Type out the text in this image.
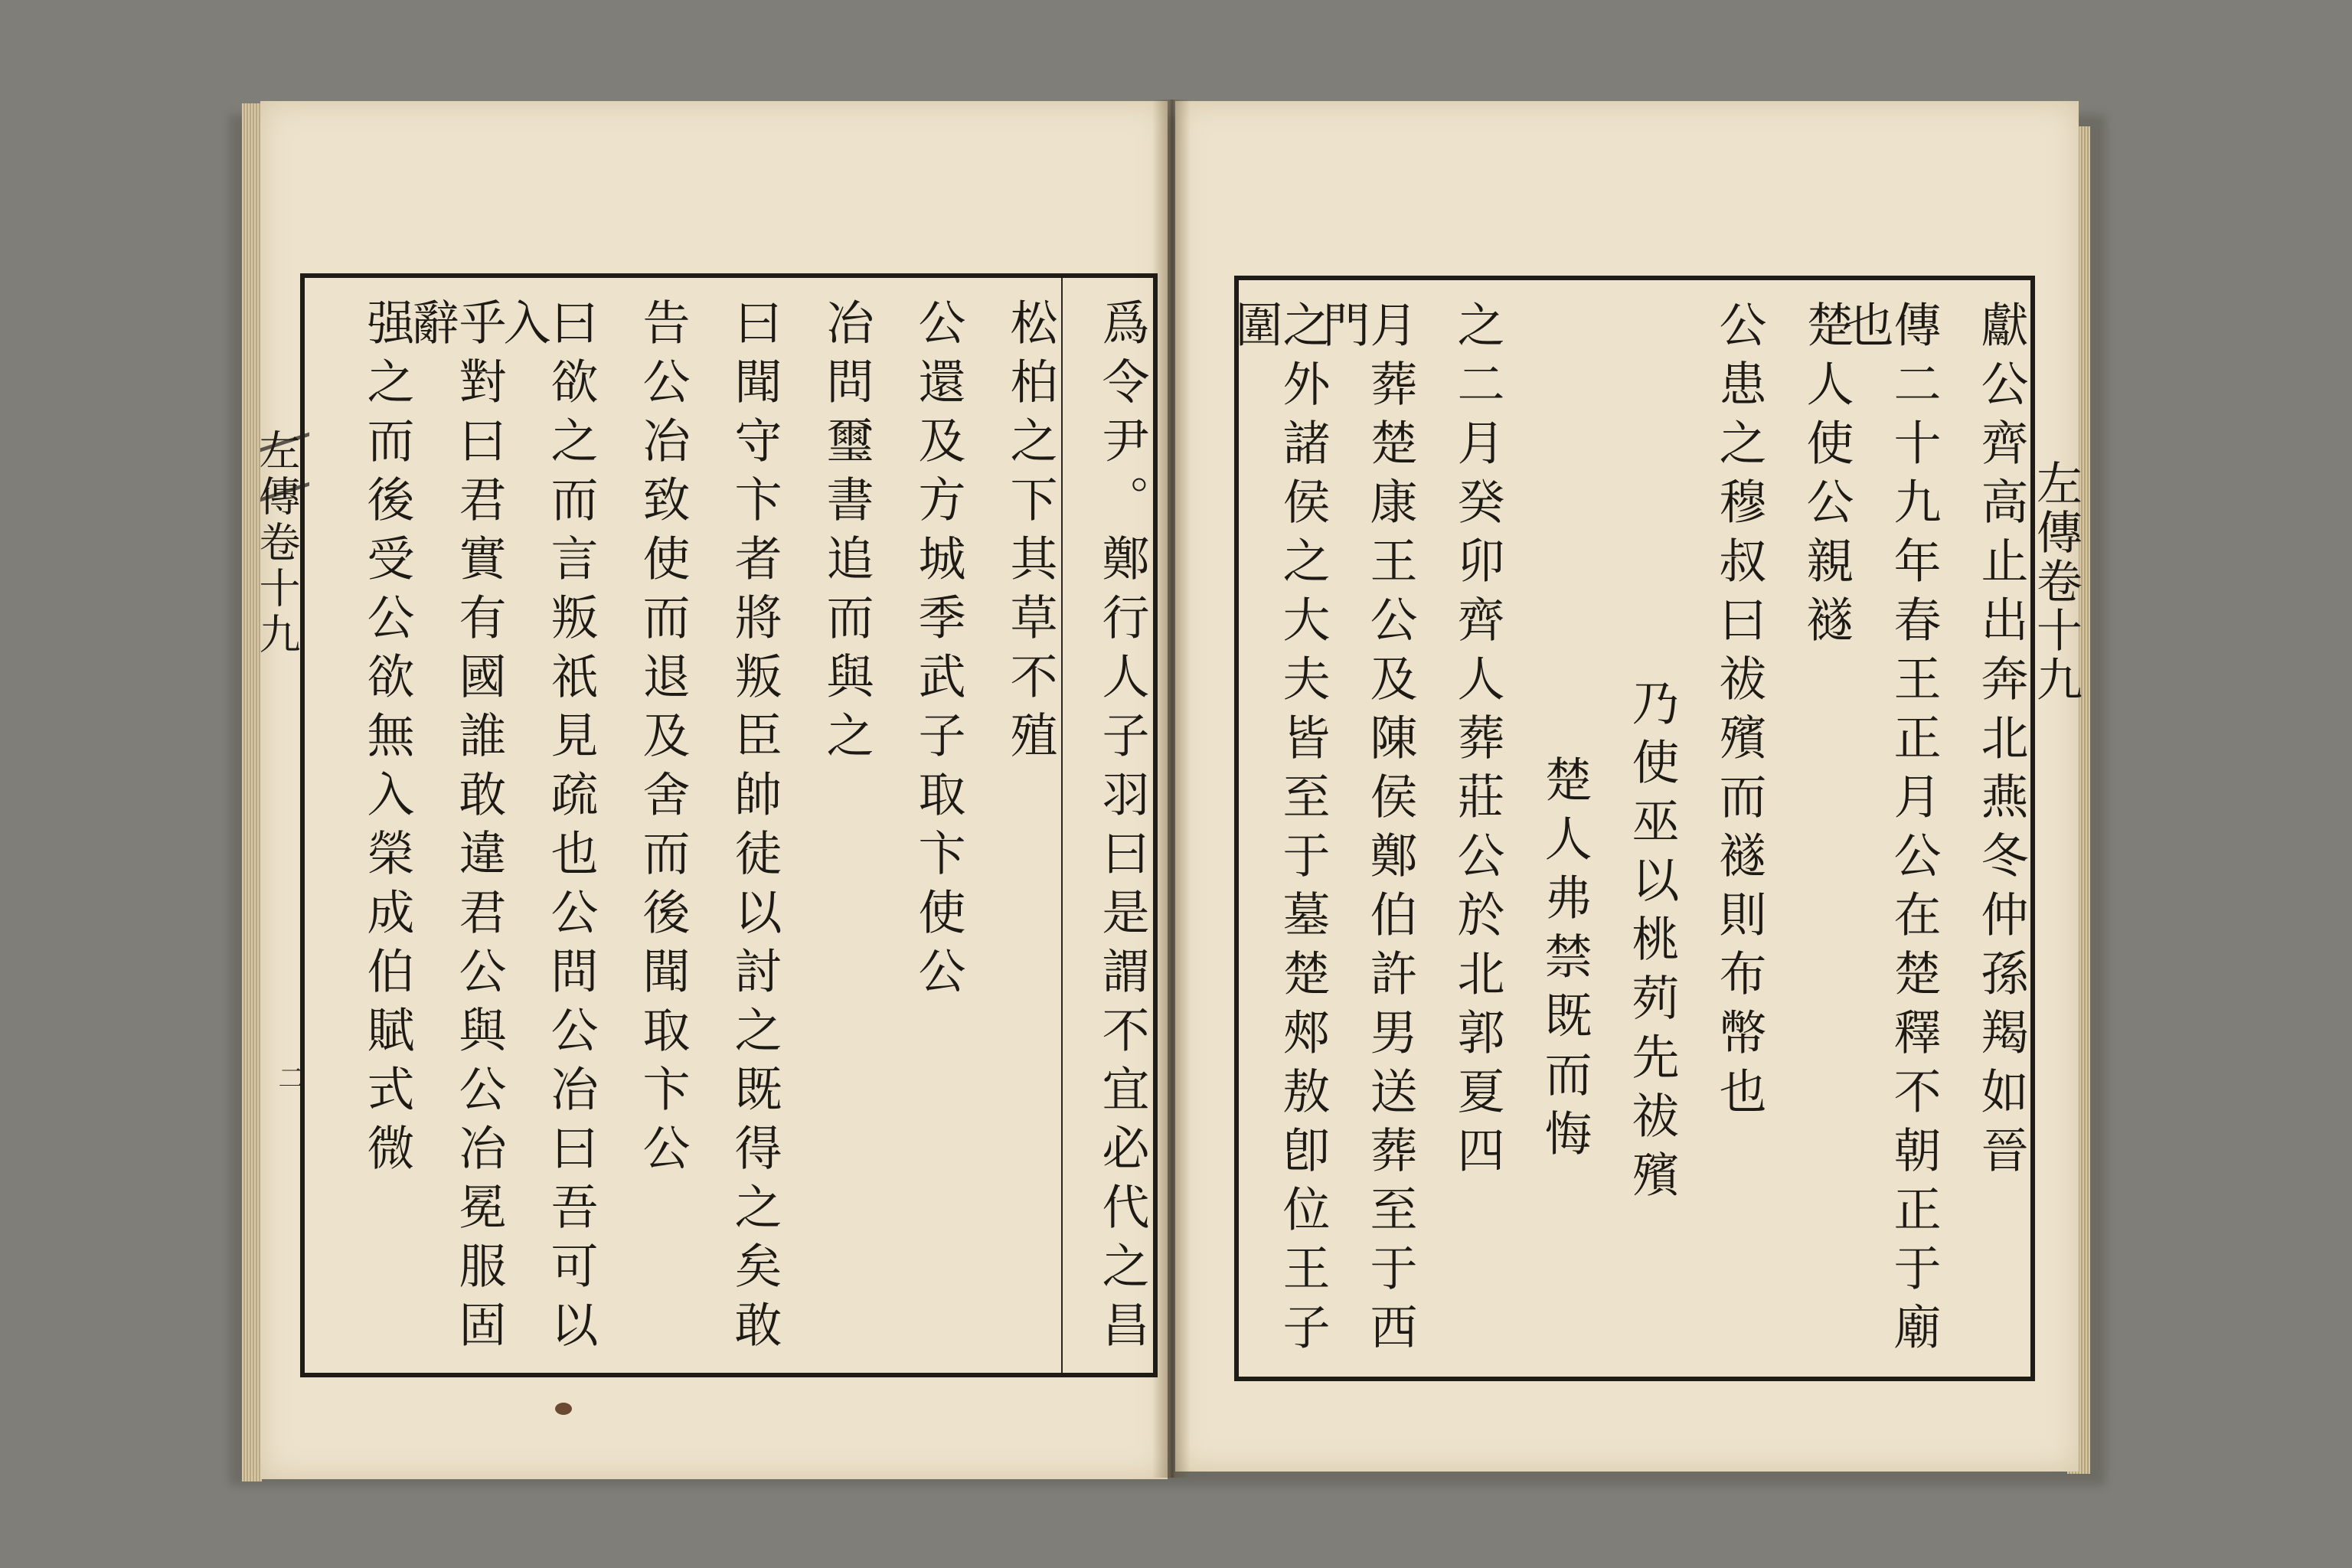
左傳卷十九
二
左傳卷十九
爲令尹。鄭行人子羽曰是謂不宜必代之昌
松柏之下其草不殖
公還及方城季武子取卞使公
冶問璽書追而與之
曰聞守卞者將叛臣帥徒以討之既得之矣敢
告公冶致使而退及舍而後聞取卞公
曰欲之而言叛祇見疏也公問公冶曰吾可以入
乎對曰君實有國誰敢違君公與公冶冕服固辭
强之而後受公欲無入榮成伯賦式微	獻公齊高止出奔北燕冬仲孫羯如晉
傳二十九年春王正月公在楚釋不朝正于廟也
楚人使公親襚
公患之穆叔曰祓殯而襚則布幣也
乃使巫以桃茢先祓殯
楚人弗禁既而悔
之二月癸卯齊人葬莊公於北郭夏四
月葬楚康王公及陳侯鄭伯許男送葬至于西門
之外諸侯之大夫皆至于墓楚郟敖卽位王子圍
